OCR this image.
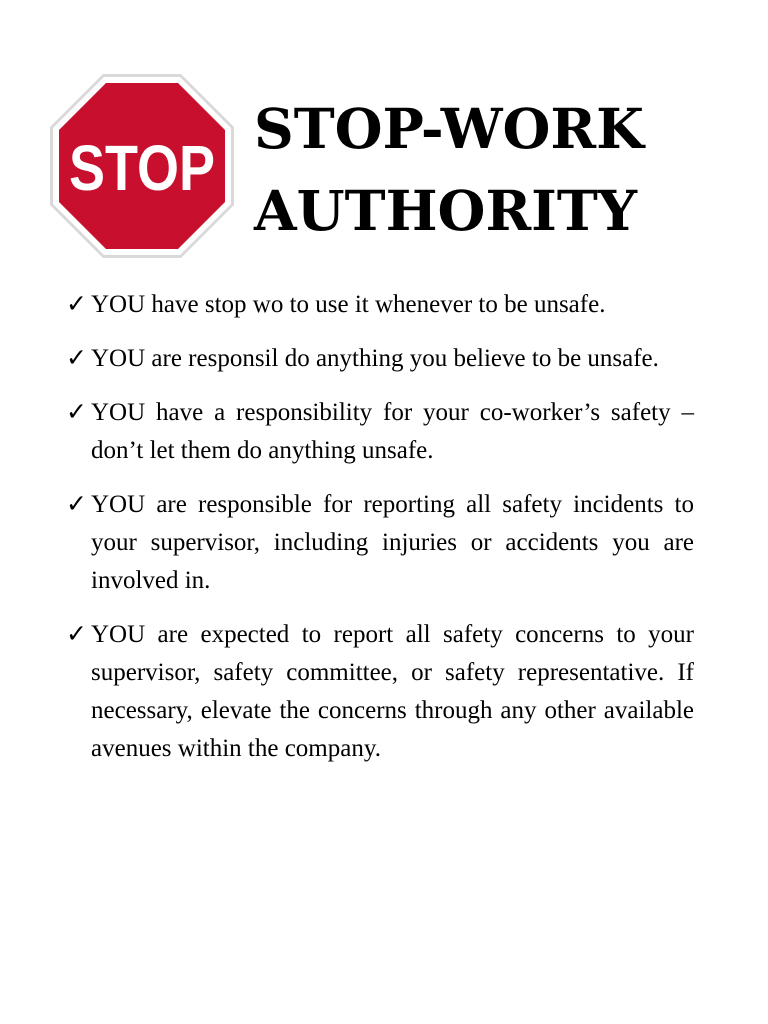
STOP
STOP-WORK
AUTHORITY
✓ YOU have stop wo to use it whenever to be unsafe.
✓ YOU are responsil do anything you believe to be unsafe.
✓ YOU have a responsibility for your co-worker’s safety – don’t let them do anything unsafe.
✓ YOU are responsible for reporting all safety incidents to your supervisor, including injuries or accidents you are involved in.
✓ YOU are expected to report all safety concerns to your supervisor, safety committee, or safety representative. If necessary, elevate the concerns through any other available avenues within the company.
